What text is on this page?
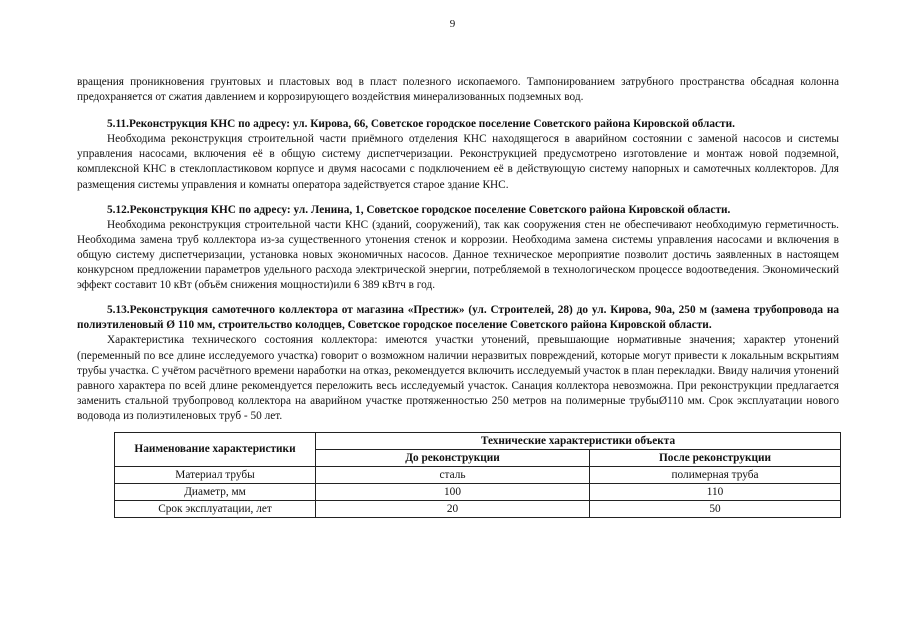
9

вращения проникновения грунтовых и пластовых вод в пласт полезного ископаемого. Тампонированием затрубного пространства обсадная колонна предохраняется от сжатия давлением и коррозирующего воздействия минерализованных подземных вод.

5.11.Реконструкция КНС по адресу: ул. Кирова, 66, Советское городское поселение Советского района Кировской области.

Необходима реконструкция строительной части приёмного отделения КНС находящегося в аварийном состоянии с заменой насосов и системы управления насосами, включения её в общую систему диспетчеризации. Реконструкцией предусмотрено изготовление и монтаж новой подземной, комплексной КНС в стеклопластиковом корпусе и двумя насосами с подключением её в действующую систему напорных и самотечных коллекторов. Для размещения системы управления и комнаты оператора задействуется старое здание КНС.

5.12.Реконструкция КНС по адресу: ул. Ленина, 1, Советское городское поселение Советского района Кировской области.

Необходима реконструкция строительной части КНС (зданий, сооружений), так как сооружения стен не обеспечивают необходимую герметичность. Необходима замена труб коллектора из-за существенного утонения стенок и коррозии. Необходима замена системы управления насосами и включения в общую систему диспетчеризации, установка новых экономичных насосов. Данное техническое мероприятие позволит достичь заявленных в настоящем конкурсном предложении параметров удельного расхода электрической энергии, потребляемой в технологическом процессе водоотведения. Экономический эффект составит 10 кВт (объём снижения мощности)или 6 389 кВтч в год.

5.13.Реконструкция самотечного коллектора от магазина «Престиж» (ул. Строителей, 28) до ул. Кирова, 90а, 250 м (замена трубопровода на полиэтиленовый Ø 110 мм, строительство колодцев, Советское городское поселение Советского района Кировской области.

Характеристика технического состояния коллектора: имеются участки утонений, превышающие нормативные значения; характер утонений (переменный по все длине исследуемого участка) говорит о возможном наличии неразвитых повреждений, которые могут привести к локальным вскрытиям трубы участка. С учётом расчётного времени наработки на отказ, рекомендуется включить исследуемый участок в план перекладки. Ввиду наличия утонений равного характера по всей длине рекомендуется переложить весь исследуемый участок. Санация коллектора невозможна. При реконструкции предлагается заменить стальной трубопровод коллектора на аварийном участке протяженностью 250 метров на полимерные трубыØ110 мм. Срок эксплуатации нового водовода из полиэтиленовых труб - 50 лет.

Наименование характеристики	Технические характеристики объекта	
	До реконструкции	После реконструкции
Материал трубы	сталь	полимерная труба
Диаметр, мм	100	110
Срок эксплуатации, лет	20	50
